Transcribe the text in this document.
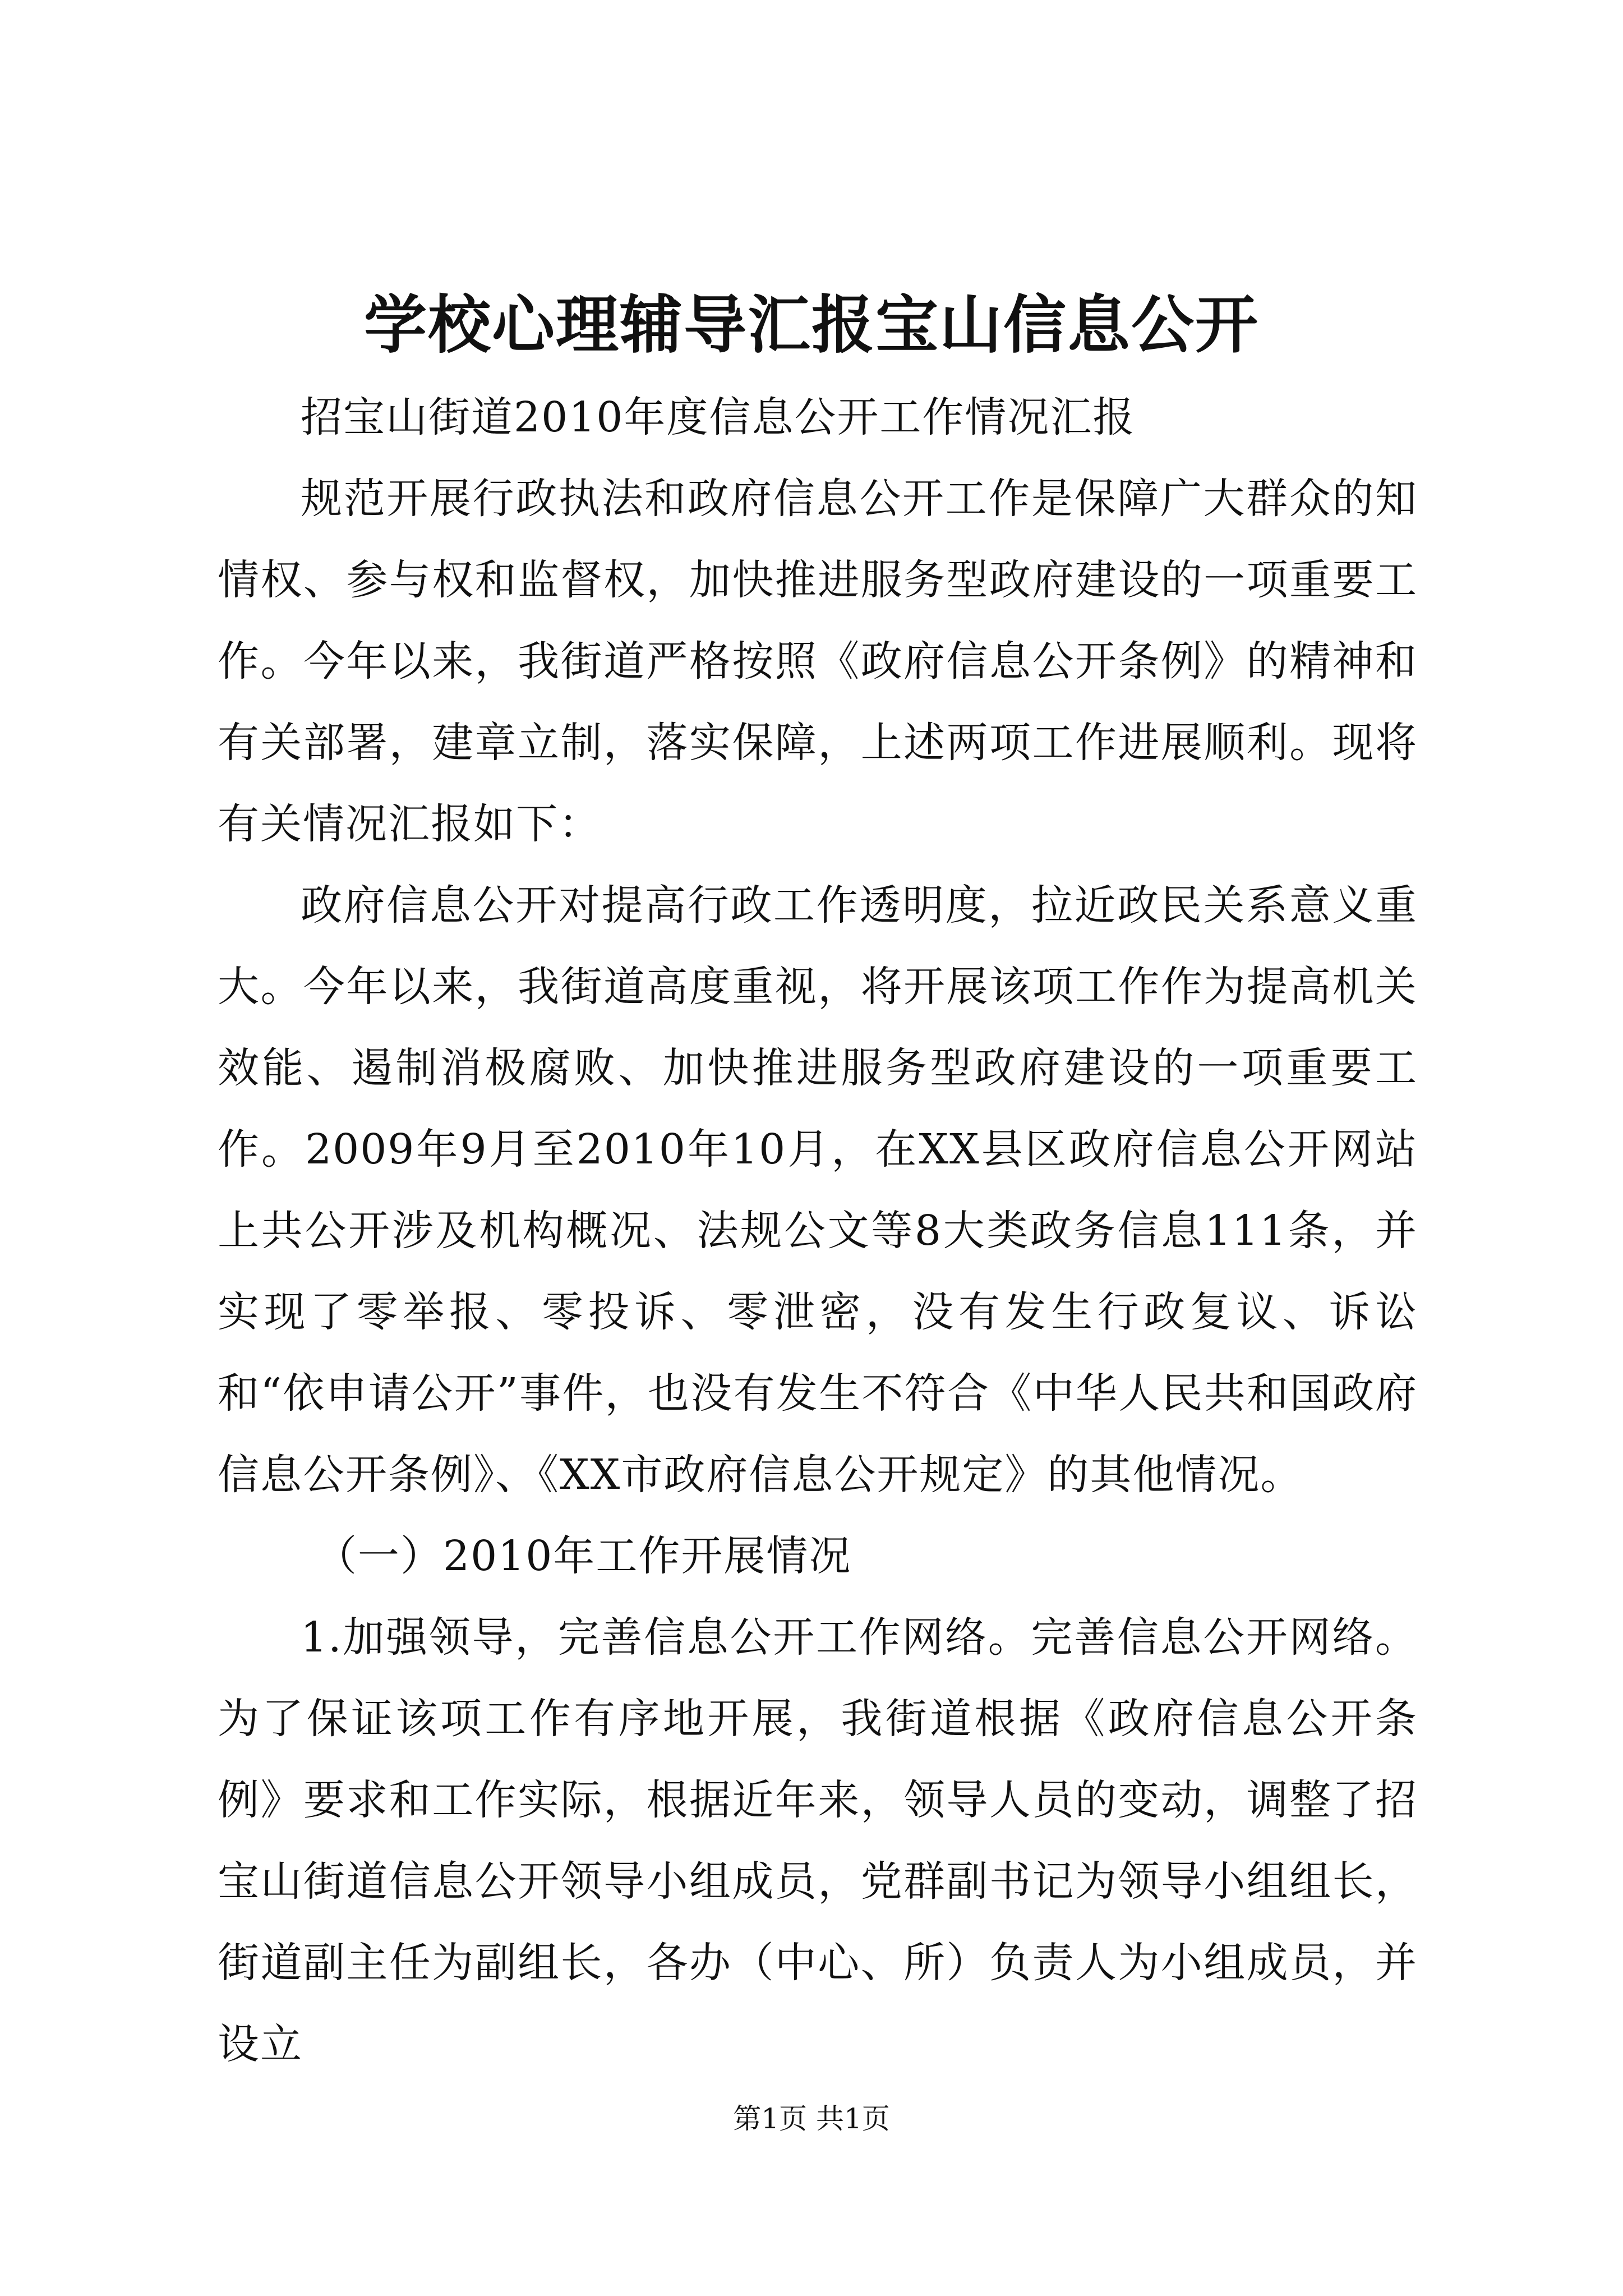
学校心理辅导汇报宝山信息公开

招宝山街道2010年度信息公开工作情况汇报

规范开展行政执法和政府信息公开工作是保障广大群众的知情权、参与权和监督权，加快推进服务型政府建设的一项重要工作。今年以来，我街道严格按照《政府信息公开条例》的精神和有关部署，建章立制，落实保障，上述两项工作进展顺利。现将有关情况汇报如下：

政府信息公开对提高行政工作透明度，拉近政民关系意义重大。今年以来，我街道高度重视，将开展该项工作作为提高机关效能、遏制消极腐败、加快推进服务型政府建设的一项重要工作。2009年9月至2010年10月，在XX县区政府信息公开网站上共公开涉及机构概况、法规公文等8大类政务信息111条，并实现了零举报、零投诉、零泄密，没有发生行政复议、诉讼和“依申请公开”事件，也没有发生不符合《中华人民共和国政府信息公开条例》、《XX市政府信息公开规定》的其他情况。

（一）2010年工作开展情况

1.加强领导，完善信息公开工作网络。完善信息公开网络。为了保证该项工作有序地开展，我街道根据《政府信息公开条例》要求和工作实际，根据近年来，领导人员的变动，调整了招宝山街道信息公开领导小组成员，党群副书记为领导小组组长，街道副主任为副组长，各办（中心、所）负责人为小组成员，并设立

第1页 共1页
